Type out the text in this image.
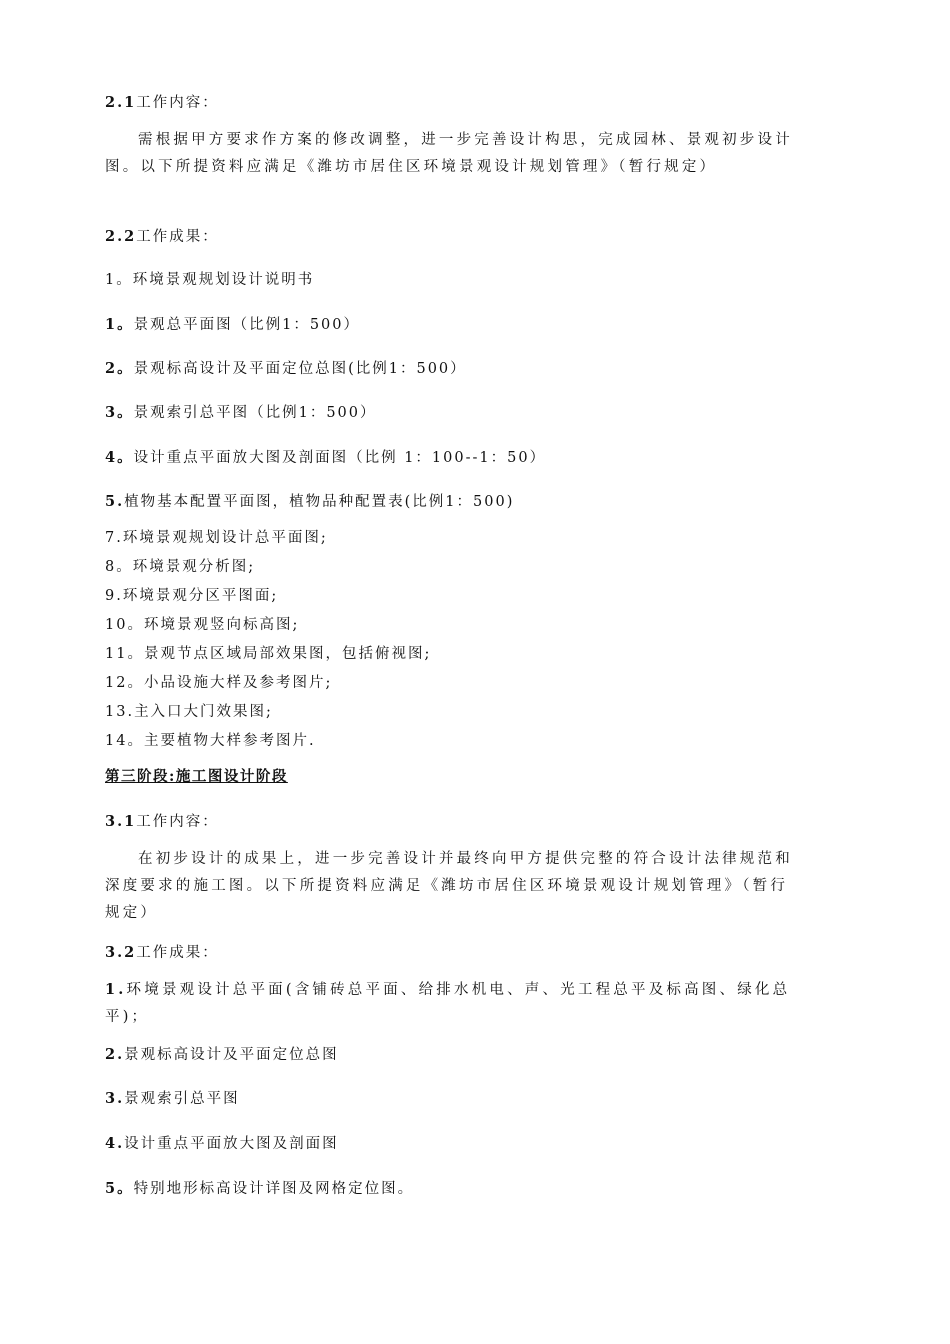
2.1工作内容：
需根据甲方要求作方案的修改调整，进一步完善设计构思，完成园林、景观初步设计图。以下所提资料应满足《潍坊市居住区环境景观设计规划管理》（暂行规定）
2.2工作成果：
1。环境景观规划设计说明书
1。景观总平面图（比例1：500）
2。景观标高设计及平面定位总图(比例1：500）
3。景观索引总平图（比例1：500）
4。设计重点平面放大图及剖面图（比例 1：100--1：50）
5.植物基本配置平面图，植物品种配置表(比例1：500)
7.环境景观规划设计总平面图;
8。环境景观分析图;
9.环境景观分区平图面;
10。环境景观竖向标高图;
11。景观节点区域局部效果图，包括俯视图;
12。小品设施大样及参考图片;
13.主入口大门效果图;
14。主要植物大样参考图片.
第三阶段:施工图设计阶段
3.1工作内容：
在初步设计的成果上，进一步完善设计并最终向甲方提供完整的符合设计法律规范和深度要求的施工图。以下所提资料应满足《潍坊市居住区环境景观设计规划管理》（暂行规定）
3.2工作成果：
1.环境景观设计总平面(含铺砖总平面、给排水机电、声、光工程总平及标高图、绿化总平)；
2.景观标高设计及平面定位总图
3.景观索引总平图
4.设计重点平面放大图及剖面图
5。特别地形标高设计详图及网格定位图。
